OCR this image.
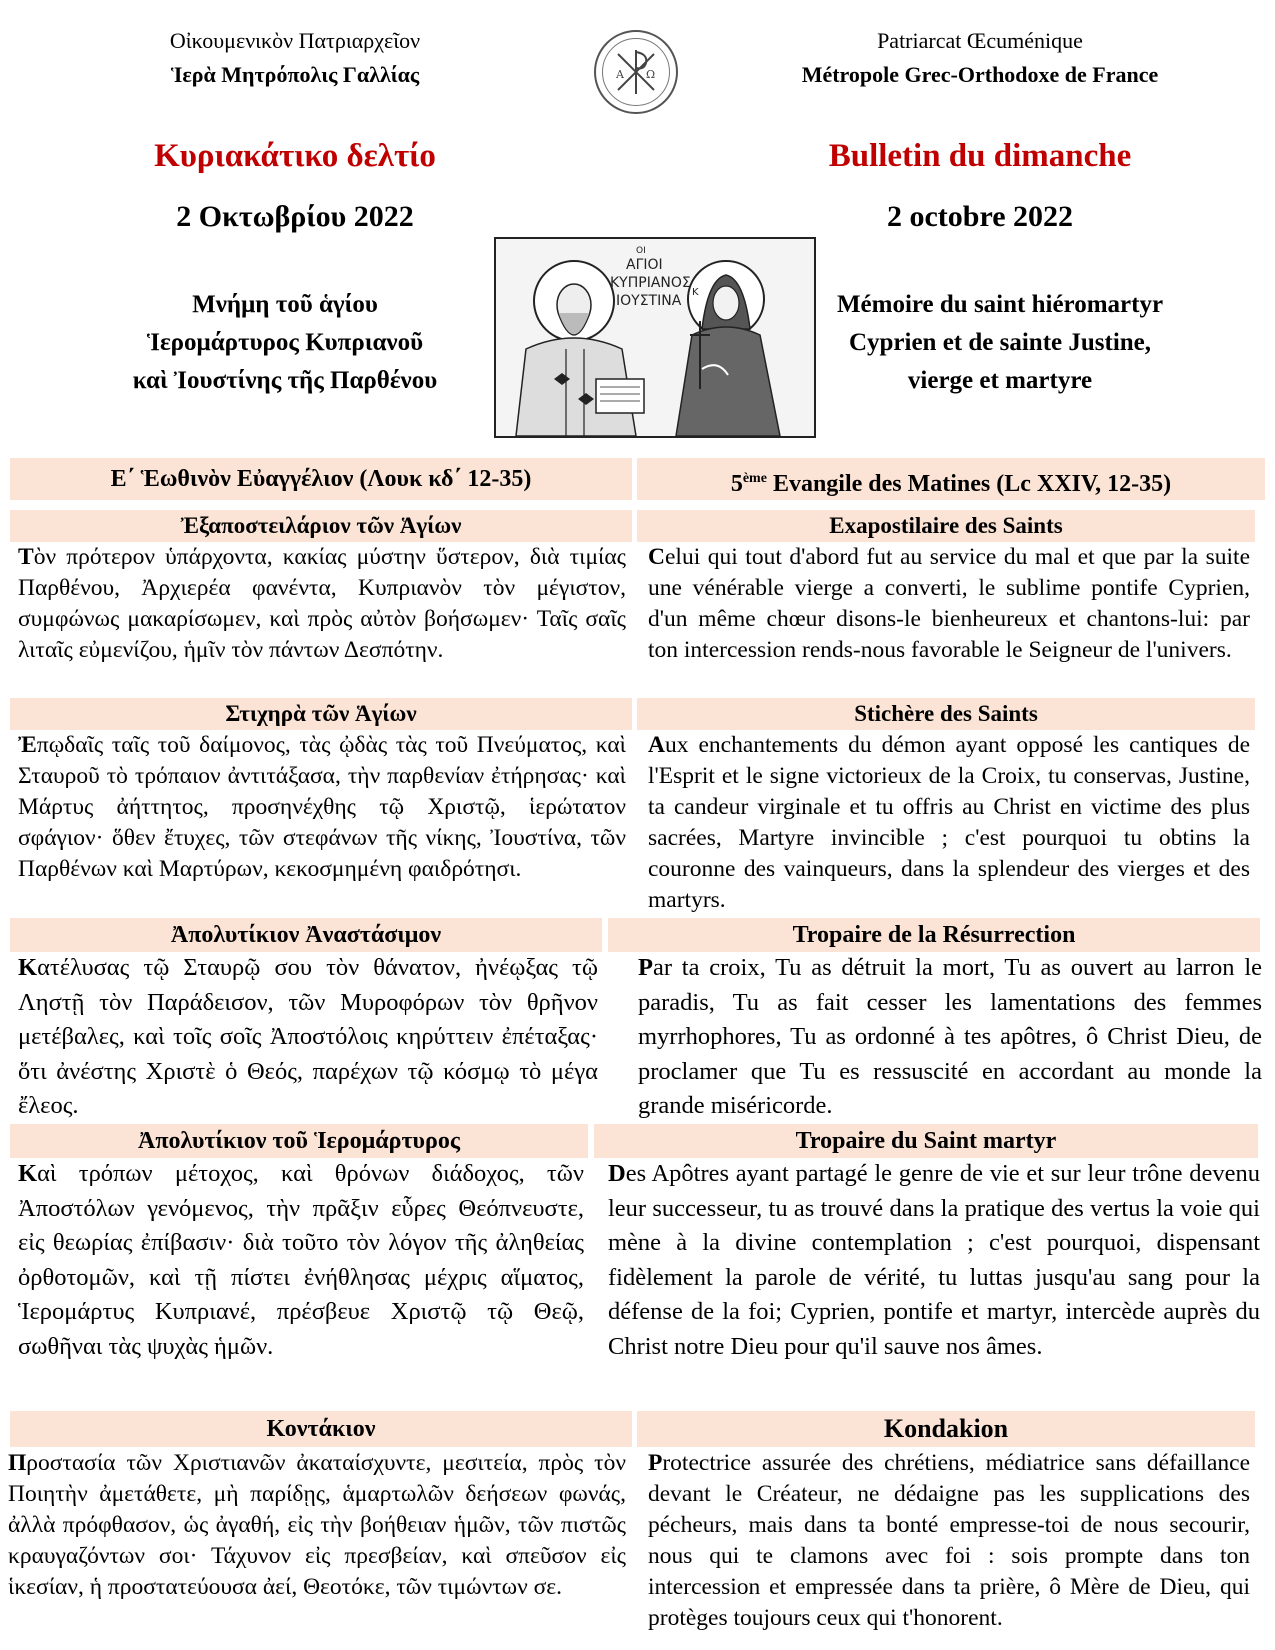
Οἰκουμενικὸν Πατριαρχεῖον
Ἱερὰ Μητρόπολις Γαλλίας
Patriarcat Œcuménique
Métropole Grec-Orthodoxe de France
Α Ω
Κυριακάτικο δελτίο	Bulletin du dimanche
2 Οκτωβρίου 2022	2 octobre 2022
Μνήμη τοῦ ἁγίου
Ἱερομάρτυρος Κυπριανοῦ
καὶ Ἰουστίνης τῆς Παρθένου
Mémoire du saint hiéromartyr
Cyprien et de sainte Justine,
vierge et martyre
ΟΙ
ΑΓΙΟΙ
ΚΥΠΡΙΑΝΟΣ
Κ
ΙΟΥΣΤΙΝΑ
Ε΄ Ἑωθινὸν Εὐαγγέλιον (Λουκ κδ΄ 12-35)	5ème Evangile des Matines (Lc XXIV, 12-35)
Ἐξαποστειλάριον τῶν Ἁγίων	Exapostilaire des Saints
Τὸν πρότερον ὑπάρχοντα, κακίας μύστην ὕστερον, διὰ τιμίας Παρθένου, Ἀρχιερέα φανέντα, Κυπριανὸν τὸν μέγιστον, συμφώνως μακαρίσωμεν, καὶ πρὸς αὐτὸν βοήσωμεν· Ταῖς σαῖς λιταῖς εὐμενίζου, ἡμῖν τὸν πάντων Δεσπότην.
Celui qui tout d'abord fut au service du mal et que par la suite une vénérable vierge a converti, le sublime pontife Cyprien, d'un même chœur disons-le bienheureux et chantons-lui: par ton intercession rends-nous favorable le Seigneur de l'univers.
Στιχηρὰ τῶν Ἁγίων	Stichère des Saints
Ἐπῳδαῖς ταῖς τοῦ δαίμονος, τὰς ᾠδὰς τὰς τοῦ Πνεύματος, καὶ Σταυροῦ τὸ τρόπαιον ἀντιτάξασα, τὴν παρθενίαν ἐτήρησας· καὶ Μάρτυς ἀήττητος, προσηνέχθης τῷ Χριστῷ, ἱερώτατον σφάγιον· ὅθεν ἔτυχες, τῶν στεφάνων τῆς νίκης, Ἰουστίνα, τῶν Παρθένων καὶ Μαρτύρων, κεκοσμημένη φαιδρότησι.
Aux enchantements du démon ayant opposé les cantiques de l'Esprit et le signe victorieux de la Croix, tu conservas, Justine, ta candeur virginale et tu offris au Christ en victime des plus sacrées, Martyre invincible ; c'est pourquoi tu obtins la couronne des vainqueurs, dans la splendeur des vierges et des martyrs.
Ἀπολυτίκιον Ἀναστάσιμον	Tropaire de la Résurrection
Κατέλυσας τῷ Σταυρῷ σου τὸν θάνατον, ἠνέῳξας τῷ Ληστῇ τὸν Παράδεισον, τῶν Μυροφόρων τὸν θρῆνον μετέβαλες, καὶ τοῖς σοῖς Ἀποστόλοις κηρύττειν ἐπέταξας· ὅτι ἀνέστης Χριστὲ ὁ Θεός, παρέχων τῷ κόσμῳ τὸ μέγα ἔλεος.
Par ta croix, Tu as détruit la mort, Tu as ouvert au larron le paradis, Tu as fait cesser les lamentations des femmes myrrhophores, Tu as ordonné à tes apôtres, ô Christ Dieu, de proclamer que Tu es ressuscité en accordant au monde la grande miséricorde.
Ἀπολυτίκιον τοῦ Ἱερομάρτυρος	Tropaire du Saint martyr
Καὶ τρόπων μέτοχος, καὶ θρόνων διάδοχος, τῶν Ἀποστόλων γενόμενος, τὴν πρᾶξιν εὗρες Θεόπνευστε, εἰς θεωρίας ἐπίβασιν· διὰ τοῦτο τὸν λόγον τῆς ἀληθείας ὀρθοτομῶν, καὶ τῇ πίστει ἐνήθλησας μέχρις αἵματος, Ἱερομάρτυς Κυπριανέ, πρέσβευε Χριστῷ τῷ Θεῷ, σωθῆναι τὰς ψυχὰς ἡμῶν.
Des Apôtres ayant partagé le genre de vie et sur leur trône devenu leur successeur, tu as trouvé dans la pratique des vertus la voie qui mène à la divine contemplation ; c'est pourquoi, dispensant fidèlement la parole de vérité, tu luttas jusqu'au sang pour la défense de la foi; Cyprien, pontife et martyr, intercède auprès du Christ notre Dieu pour qu'il sauve nos âmes.
Κοντάκιον	Kondakion
Προστασία τῶν Χριστιανῶν ἀκαταίσχυντε, μεσιτεία, πρὸς τὸν Ποιητὴν ἀμετάθετε, μὴ παρίδῃς, ἁμαρτωλῶν δεήσεων φωνάς, ἀλλὰ πρόφθασον, ὡς ἀγαθή, εἰς τὴν βοήθειαν ἡμῶν, τῶν πιστῶς κραυγαζόντων σοι· Τάχυνον εἰς πρεσβείαν, καὶ σπεῦσον εἰς ἱκεσίαν, ἡ προστατεύουσα ἀεί, Θεοτόκε, τῶν τιμώντων σε.
Protectrice assurée des chrétiens, médiatrice sans défaillance devant le Créateur, ne dédaigne pas les supplications des pécheurs, mais dans ta bonté empresse-toi de nous secourir, nous qui te clamons avec foi : sois prompte dans ton intercession et empressée dans ta prière, ô Mère de Dieu, qui protèges toujours ceux qui t'honorent.
